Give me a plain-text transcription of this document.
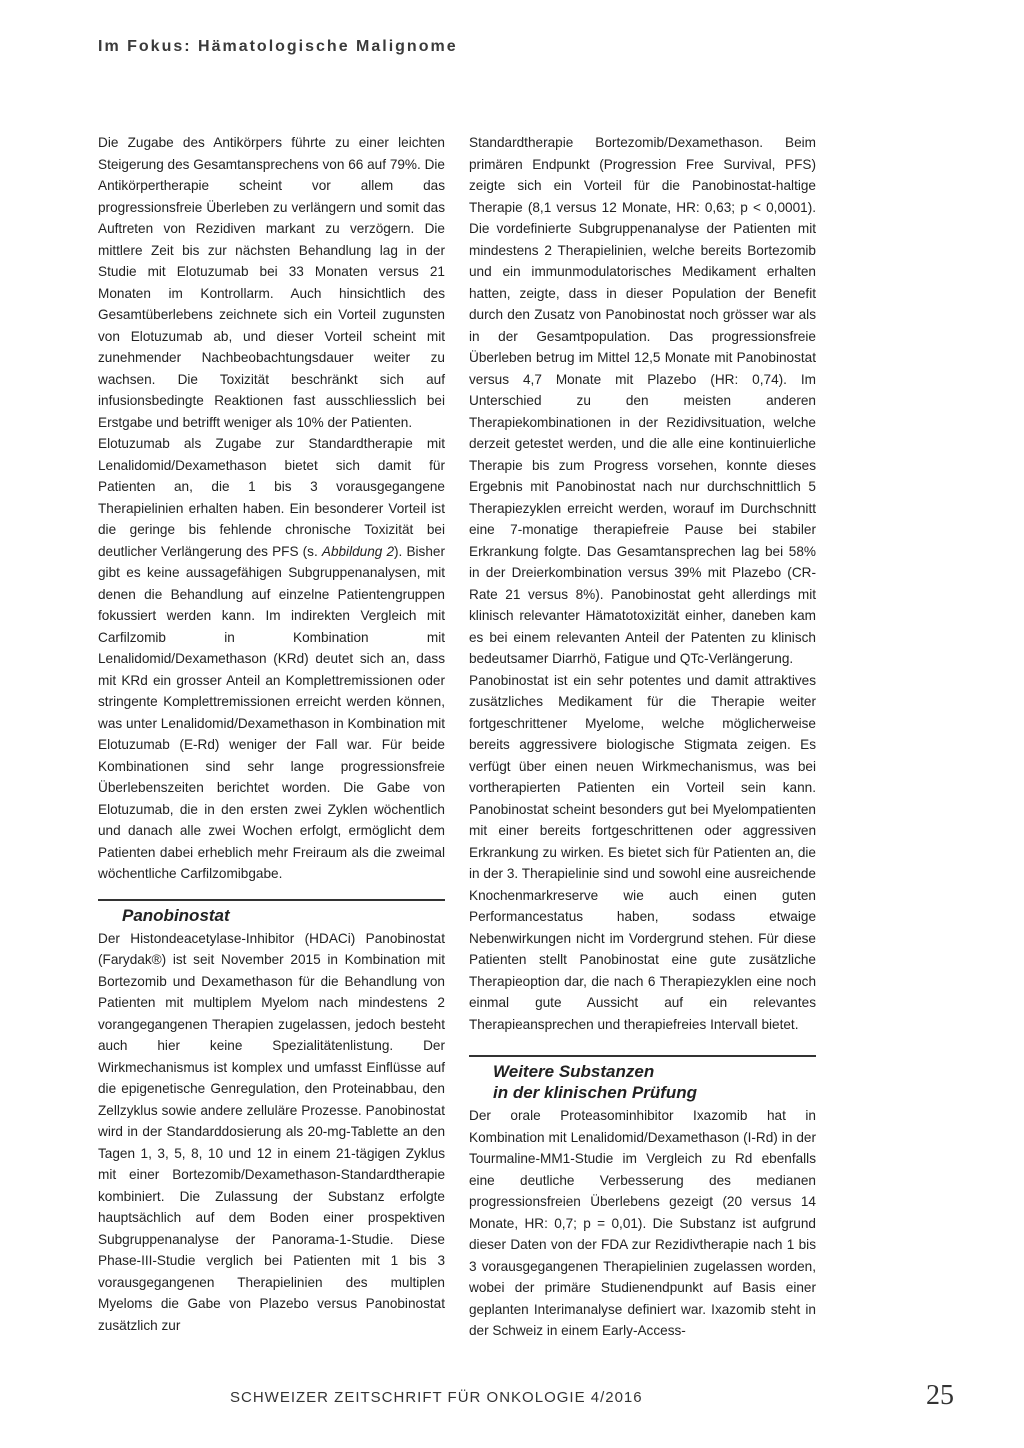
Im Fokus: Hämatologische Malignome

Die Zugabe des Antikörpers führte zu einer leichten Steigerung des Gesamtansprechens von 66 auf 79%. Die Antikörpertherapie scheint vor allem das progressionsfreie Überleben zu verlängern und somit das Auftreten von Rezidiven markant zu verzögern. Die mittlere Zeit bis zur nächsten Behandlung lag in der Studie mit Elotuzumab bei 33 Monaten versus 21 Monaten im Kontrollarm. Auch hinsichtlich des Gesamtüberlebens zeichnete sich ein Vorteil zugunsten von Elotuzumab ab, und dieser Vorteil scheint mit zunehmender Nachbeobachtungsdauer weiter zu wachsen. Die Toxizität beschränkt sich auf infusionsbedingte Reaktionen fast ausschliesslich bei Erstgabe und betrifft weniger als 10% der Patienten.

Elotuzumab als Zugabe zur Standardtherapie mit Lenalidomid/Dexamethason bietet sich damit für Patienten an, die 1 bis 3 vorausgegangene Therapielinien erhalten haben. Ein besonderer Vorteil ist die geringe bis fehlende chronische Toxizität bei deutlicher Verlängerung des PFS (s. Abbildung 2). Bisher gibt es keine aussagefähigen Subgruppenanalysen, mit denen die Behandlung auf einzelne Patientengruppen fokussiert werden kann. Im indirekten Vergleich mit Carfilzomib in Kombination mit Lenalidomid/Dexamethason (KRd) deutet sich an, dass mit KRd ein grosser Anteil an Komplettremissionen oder stringente Komplettremissionen erreicht werden können, was unter Lenalidomid/Dexamethason in Kombination mit Elotuzumab (E-Rd) weniger der Fall war. Für beide Kombinationen sind sehr lange progressionsfreie Überlebenszeiten berichtet worden. Die Gabe von Elotuzumab, die in den ersten zwei Zyklen wöchentlich und danach alle zwei Wochen erfolgt, ermöglicht dem Patienten dabei erheblich mehr Freiraum als die zweimal wöchentliche Carfilzomibgabe.

Panobinostat

Der Histondeacetylase-Inhibitor (HDACi) Panobinostat (Farydak®) ist seit November 2015 in Kombination mit Bortezomib und Dexamethason für die Behandlung von Patienten mit multiplem Myelom nach mindestens 2 vorangegangenen Therapien zugelassen, jedoch besteht auch hier keine Spezialitätenlistung. Der Wirkmechanismus ist komplex und umfasst Einflüsse auf die epigenetische Genregulation, den Proteinabbau, den Zellzyklus sowie andere zelluläre Prozesse. Panobinostat wird in der Standarddosierung als 20-mg-Tablette an den Tagen 1, 3, 5, 8, 10 und 12 in einem 21-tägigen Zyklus mit einer Bortezomib/Dexamethason-Standardtherapie kombiniert. Die Zulassung der Substanz erfolgte hauptsächlich auf dem Boden einer prospektiven Subgruppenanalyse der Panorama-1-Studie. Diese Phase-III-Studie verglich bei Patienten mit 1 bis 3 vorausgegangenen Therapielinien des multiplen Myeloms die Gabe von Plazebo versus Panobinostat zusätzlich zur

Standardtherapie Bortezomib/Dexamethason. Beim primären Endpunkt (Progression Free Survival, PFS) zeigte sich ein Vorteil für die Panobinostat-haltige Therapie (8,1 versus 12 Monate, HR: 0,63; p < 0,0001). Die vordefinierte Subgruppenanalyse der Patienten mit mindestens 2 Therapielinien, welche bereits Bortezomib und ein immunmodulatorisches Medikament erhalten hatten, zeigte, dass in dieser Population der Benefit durch den Zusatz von Panobinostat noch grösser war als in der Gesamtpopulation. Das progressionsfreie Überleben betrug im Mittel 12,5 Monate mit Panobinostat versus 4,7 Monate mit Plazebo (HR: 0,74). Im Unterschied zu den meisten anderen Therapiekombinationen in der Rezidivsituation, welche derzeit getestet werden, und die alle eine kontinuierliche Therapie bis zum Progress vorsehen, konnte dieses Ergebnis mit Panobinostat nach nur durchschnittlich 5 Therapiezyklen erreicht werden, worauf im Durchschnitt eine 7-monatige therapiefreie Pause bei stabiler Erkrankung folgte. Das Gesamtansprechen lag bei 58% in der Dreierkombination versus 39% mit Plazebo (CR-Rate 21 versus 8%). Panobinostat geht allerdings mit klinisch relevanter Hämatotoxizität einher, daneben kam es bei einem relevanten Anteil der Patenten zu klinisch bedeutsamer Diarrhö, Fatigue und QTc-Verlängerung.

Panobinostat ist ein sehr potentes und damit attraktives zusätzliches Medikament für die Therapie weiter fortgeschrittener Myelome, welche möglicherweise bereits aggressivere biologische Stigmata zeigen. Es verfügt über einen neuen Wirkmechanismus, was bei vortherapierten Patienten ein Vorteil sein kann. Panobinostat scheint besonders gut bei Myelompatienten mit einer bereits fortgeschrittenen oder aggressiven Erkrankung zu wirken. Es bietet sich für Patienten an, die in der 3. Therapielinie sind und sowohl eine ausreichende Knochenmarkreserve wie auch einen guten Performancestatus haben, sodass etwaige Nebenwirkungen nicht im Vordergrund stehen. Für diese Patienten stellt Panobinostat eine gute zusätzliche Therapieoption dar, die nach 6 Therapiezyklen eine noch einmal gute Aussicht auf ein relevantes Therapieansprechen und therapiefreies Intervall bietet.

Weitere Substanzen
in der klinischen Prüfung

Der orale Proteasominhibitor Ixazomib hat in Kombination mit Lenalidomid/Dexamethason (I-Rd) in der Tourmaline-MM1-Studie im Vergleich zu Rd ebenfalls eine deutliche Verbesserung des medianen progressionsfreien Überlebens gezeigt (20 versus 14 Monate, HR: 0,7; p = 0,01). Die Substanz ist aufgrund dieser Daten von der FDA zur Rezidivtherapie nach 1 bis 3 vorausgegangenen Therapielinien zugelassen worden, wobei der primäre Studienendpunkt auf Basis einer geplanten Interimanalyse definiert war. Ixazomib steht in der Schweiz in einem Early-Access-

SCHWEIZER ZEITSCHRIFT FÜR ONKOLOGIE 4/2016	25
